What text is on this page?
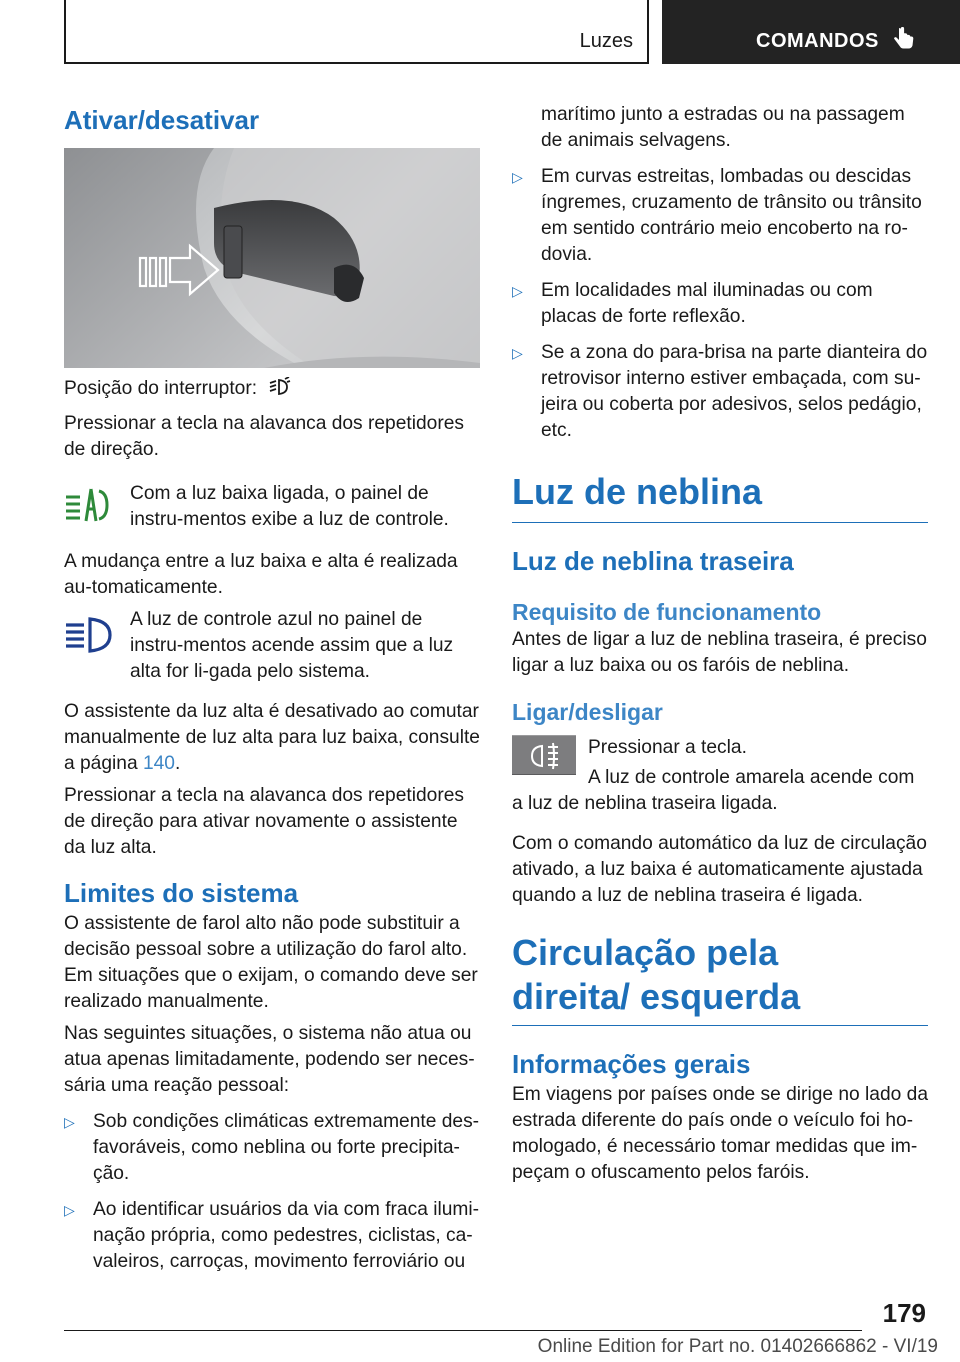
Luzes	COMANDOS
Ativar/desativar

Posição do interruptor:

Pressionar a tecla na alavanca dos repetidores de direção.

Com a luz baixa ligada, o painel de instru-mentos exibe a luz de controle.

A mudança entre a luz baixa e alta é realizada au-tomaticamente.

A luz de controle azul no painel de instru-mentos acende assim que a luz alta for li-gada pelo sistema.

O assistente da luz alta é desativado ao comutar manualmente de luz alta para luz baixa, consulte a página 140.

Pressionar a tecla na alavanca dos repetidores de direção para ativar novamente o assistente da luz alta.

Limites do sistema

O assistente de farol alto não pode substituir a decisão pessoal sobre a utilização do farol alto. Em situações que o exijam, o comando deve ser realizado manualmente.

Nas seguintes situações, o sistema não atua ou atua apenas limitadamente, podendo ser neces-sária uma reação pessoal:

▷ Sob condições climáticas extremamente des-favoráveis, como neblina ou forte precipita-ção.

▷ Ao identificar usuários da via com fraca ilumi-nação própria, como pedestres, ciclistas, ca-valeiros, carroças, movimento ferroviário ou

marítimo junto a estradas ou na passagem de animais selvagens.

▷ Em curvas estreitas, lombadas ou descidas íngremes, cruzamento de trânsito ou trânsito em sentido contrário meio encoberto na ro-dovia.

▷ Em localidades mal iluminadas ou com placas de forte reflexão.

▷ Se a zona do para-brisa na parte dianteira do retrovisor interno estiver embaçada, com su-jeira ou coberta por adesivos, selos pedágio, etc.

Luz de neblina
Luz de neblina traseira
Requisito de funcionamento

Antes de ligar a luz de neblina traseira, é preciso ligar a luz baixa ou os faróis de neblina.

Ligar/desligar

Pressionar a tecla.

A luz de controle amarela acende com a luz de neblina traseira ligada.

Com o comando automático da luz de circulação ativado, a luz baixa é automaticamente ajustada quando a luz de neblina traseira é ligada.

Circulação pela direita/ esquerda
Informações gerais

Em viagens por países onde se dirige no lado da estrada diferente do país onde o veículo foi ho-mologado, é necessário tomar medidas que im-peçam o ofuscamento pelos faróis.

179
Online Edition for Part no. 01402666862 - VI/19
